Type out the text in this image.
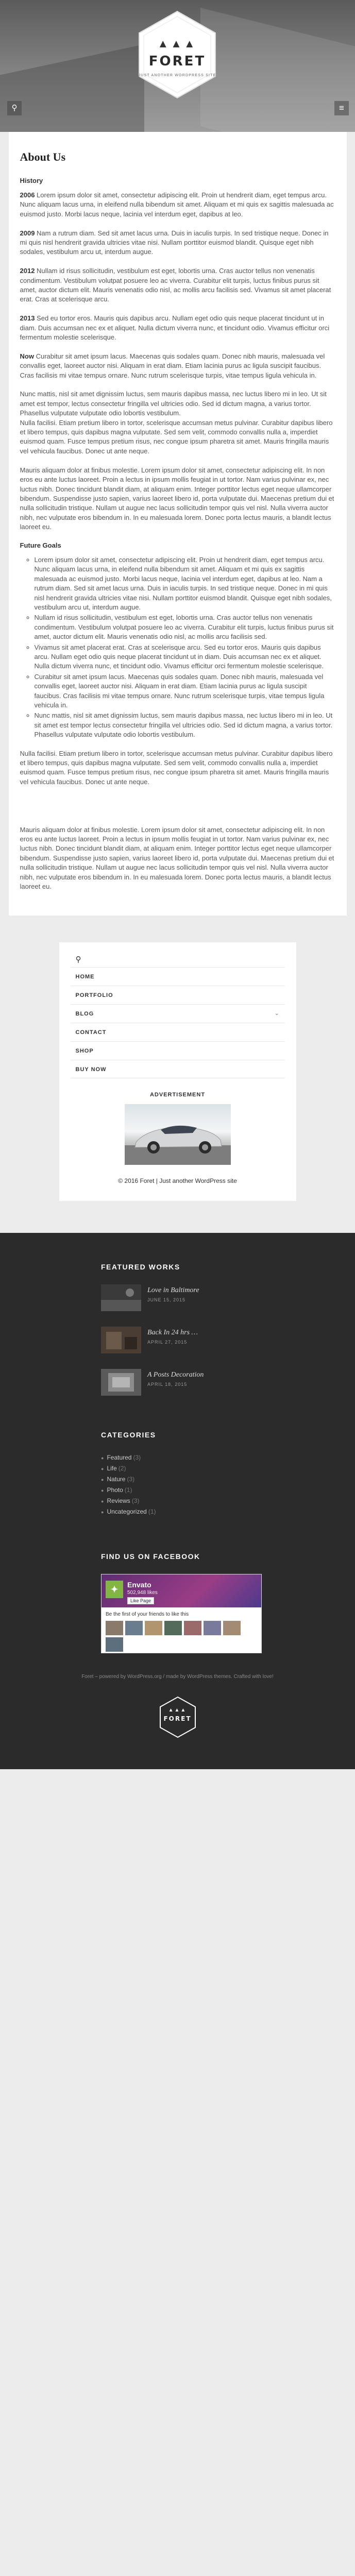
▲▲▲
FORET
JUST ANOTHER WORDPRESS SITE
⚲	≡
About Us
History

2006 Lorem ipsum dolor sit amet, consectetur adipiscing elit. Proin ut hendrerit diam, eget tempus arcu. Nunc aliquam lacus urna, in eleifend nulla bibendum sit amet. Aliquam et mi quis ex sagittis malesuada ac euismod justo. Morbi lacus neque, lacinia vel interdum eget, dapibus at leo.

2009 Nam a rutrum diam. Sed sit amet lacus urna. Duis in iaculis turpis. In sed tristique neque. Donec in mi quis nisl hendrerit gravida ultricies vitae nisi. Nullam porttitor euismod blandit. Quisque eget nibh sodales, vestibulum arcu ut, interdum augue.

2012 Nullam id risus sollicitudin, vestibulum est eget, lobortis urna. Cras auctor tellus non venenatis condimentum. Vestibulum volutpat posuere leo ac viverra. Curabitur elit turpis, luctus finibus purus sit amet, auctor dictum elit. Mauris venenatis odio nisl, ac mollis arcu facilisis sed. Vivamus sit amet placerat erat. Cras at scelerisque arcu.

2013 Sed eu tortor eros. Mauris quis dapibus arcu. Nullam eget odio quis neque placerat tincidunt ut in diam. Duis accumsan nec ex et aliquet. Nulla dictum viverra nunc, et tincidunt odio. Vivamus efficitur orci fermentum molestie scelerisque.

Now Curabitur sit amet ipsum lacus. Maecenas quis sodales quam. Donec nibh mauris, malesuada vel convallis eget, laoreet auctor nisi. Aliquam in erat diam. Etiam lacinia purus ac ligula suscipit faucibus. Cras facilisis mi vitae tempus ornare. Nunc rutrum scelerisque turpis, vitae tempus ligula vehicula in.

Nunc mattis, nisl sit amet dignissim luctus, sem mauris dapibus massa, nec luctus libero mi in leo. Ut sit amet est tempor, lectus consectetur fringilla vel ultricies odio. Sed id dictum magna, a varius tortor. Phasellus vulputate vulputate odio lobortis vestibulum.
Nulla facilisi. Etiam pretium libero in tortor, scelerisque accumsan metus pulvinar. Curabitur dapibus libero et libero tempus, quis dapibus magna vulputate. Sed sem velit, commodo convallis nulla a, imperdiet euismod quam. Fusce tempus pretium risus, nec congue ipsum pharetra sit amet. Mauris fringilla mauris vel vehicula faucibus. Donec ut ante neque.

Mauris aliquam dolor at finibus molestie. Lorem ipsum dolor sit amet, consectetur adipiscing elit. In non eros eu ante luctus laoreet. Proin a lectus in ipsum mollis feugiat in ut tortor. Nam varius pulvinar ex, nec luctus nibh. Donec tincidunt blandit diam, at aliquam enim. Integer porttitor lectus eget neque ullamcorper bibendum. Suspendisse justo sapien, varius laoreet libero id, porta vulputate dui. Maecenas pretium dui et nulla sollicitudin tristique. Nullam ut augue nec lacus sollicitudin tempor quis vel nisl. Nulla viverra auctor nibh, nec vulputate eros bibendum in. In eu malesuada lorem. Donec porta lectus mauris, a blandit lectus laoreet eu.

Future Goals
◦ Lorem ipsum dolor sit amet, consectetur adipiscing elit. Proin ut hendrerit diam, eget tempus arcu. Nunc aliquam lacus urna, in eleifend nulla bibendum sit amet. Aliquam et mi quis ex sagittis malesuada ac euismod justo. Morbi lacus neque, lacinia vel interdum eget, dapibus at leo. Nam a rutrum diam. Sed sit amet lacus urna. Duis in iaculis turpis. In sed tristique neque. Donec in mi quis nisl hendrerit gravida ultricies vitae nisi. Nullam porttitor euismod blandit. Quisque eget nibh sodales, vestibulum arcu ut, interdum augue.
◦ Nullam id risus sollicitudin, vestibulum est eget, lobortis urna. Cras auctor tellus non venenatis condimentum. Vestibulum volutpat posuere leo ac viverra. Curabitur elit turpis, luctus finibus purus sit amet, auctor dictum elit. Mauris venenatis odio nisl, ac mollis arcu facilisis sed.
◦ Vivamus sit amet placerat erat. Cras at scelerisque arcu. Sed eu tortor eros. Mauris quis dapibus arcu. Nullam eget odio quis neque placerat tincidunt ut in diam. Duis accumsan nec ex et aliquet. Nulla dictum viverra nunc, et tincidunt odio. Vivamus efficitur orci fermentum molestie scelerisque.
◦ Curabitur sit amet ipsum lacus. Maecenas quis sodales quam. Donec nibh mauris, malesuada vel convallis eget, laoreet auctor nisi. Aliquam in erat diam. Etiam lacinia purus ac ligula suscipit faucibus. Cras facilisis mi vitae tempus ornare. Nunc rutrum scelerisque turpis, vitae tempus ligula vehicula in.
◦ Nunc mattis, nisl sit amet dignissim luctus, sem mauris dapibus massa, nec luctus libero mi in leo. Ut sit amet est tempor lectus consectetur fringilla vel ultricies odio. Sed id dictum magna, a varius tortor. Phasellus vulputate vulputate odio lobortis vestibulum.

Nulla facilisi. Etiam pretium libero in tortor, scelerisque accumsan metus pulvinar. Curabitur dapibus libero et libero tempus, quis dapibus magna vulputate. Sed sem velit, commodo convallis nulla a, imperdiet euismod quam. Fusce tempus pretium risus, nec congue ipsum pharetra sit amet. Mauris fringilla mauris vel vehicula faucibus. Donec ut ante neque.

Mauris aliquam dolor at finibus molestie. Lorem ipsum dolor sit amet, consectetur adipiscing elit. In non eros eu ante luctus laoreet. Proin a lectus in ipsum mollis feugiat in ut tortor. Nam varius pulvinar ex, nec luctus nibh. Donec tincidunt blandit diam, at aliquam enim. Integer porttitor lectus eget neque ullamcorper bibendum. Suspendisse justo sapien, varius laoreet libero id, porta vulputate dui. Maecenas pretium dui et nulla sollicitudin tristique. Nullam ut augue nec lacus sollicitudin tempor quis vel nisl. Nulla viverra auctor nibh, nec vulputate eros bibendum in. In eu malesuada lorem. Donec porta lectus mauris, a blandit lectus laoreet eu.

⚲
HOME
PORTFOLIO
BLOG	⌄
CONTACT
SHOP
BUY NOW
ADVERTISEMENT
© 2016 Foret | Just another WordPress site
FEATURED WORKS
Love in Baltimore
JUNE 15, 2015
Back In 24 hrs …
APRIL 27, 2015
A Posts Decoration
APRIL 18, 2015
CATEGORIES
● Featured (3)
● Life (2)
● Nature (3)
● Photo (1)
● Reviews (3)
● Uncategorized (1)
FIND US ON FACEBOOK
✦	Envato
502,948 likes
Like Page
Be the first of your friends to like this
Foret – powered by WordPress.org / made by WordPress themes. Crafted with love!
▲▲▲
FORET
